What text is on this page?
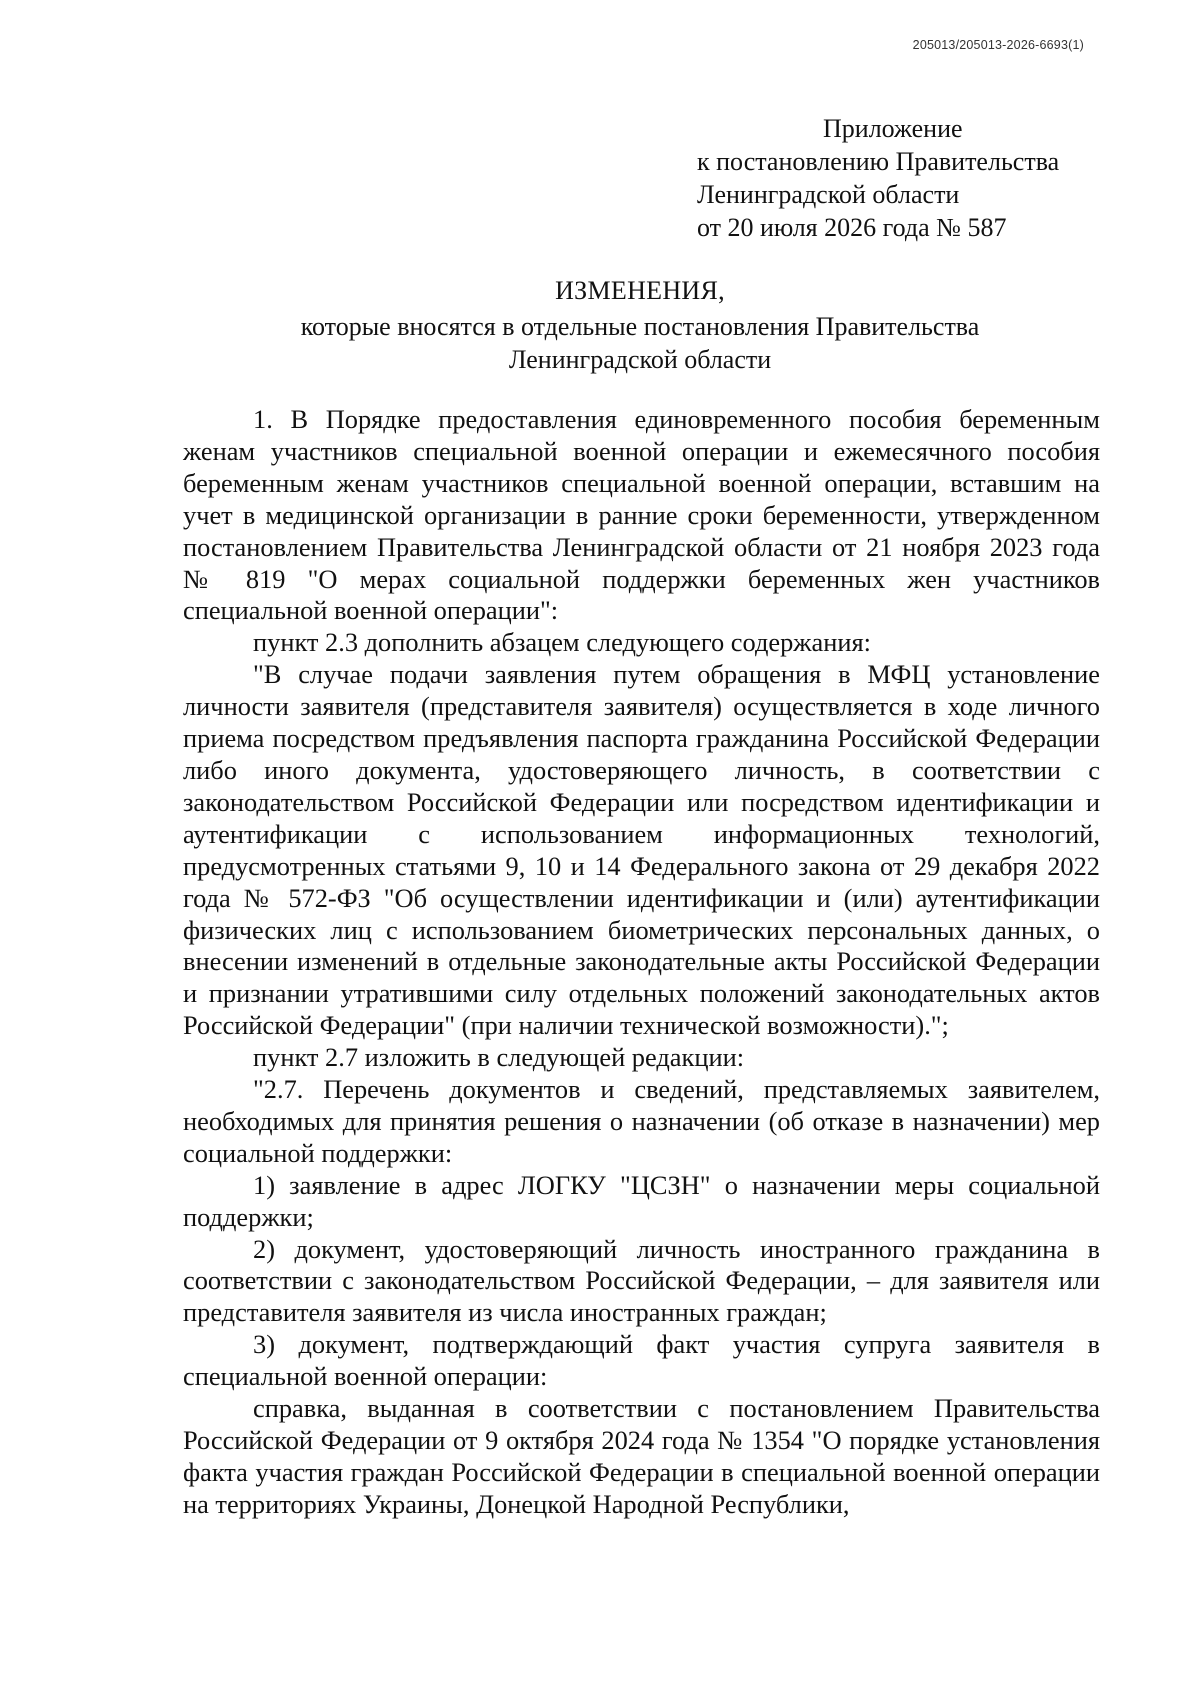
205013/205013-2026-6693(1)
Приложение
к постановлению Правительства
Ленинградской области
от 20 июля 2026 года № 587
ИЗМЕНЕНИЯ,
которые вносятся в отдельные постановления Правительства
Ленинградской области

1. В Порядке предоставления единовременного пособия беременным женам участников специальной военной операции и ежемесячного пособия беременным женам участников специальной военной операции, вставшим на учет в медицинской организации в ранние сроки беременности, утвержденном постановлением Правительства Ленинградской области от 21 ноября 2023 года № 819 "О мерах социальной поддержки беременных жен участников специальной военной операции":

пункт 2.3 дополнить абзацем следующего содержания:

"В случае подачи заявления путем обращения в МФЦ установление личности заявителя (представителя заявителя) осуществляется в ходе личного приема посредством предъявления паспорта гражданина Российской Федерации либо иного документа, удостоверяющего личность, в соответствии с законодательством Российской Федерации или посредством идентификации и аутентификации с использованием информационных технологий, предусмотренных статьями 9, 10 и 14 Федерального закона от 29 декабря 2022 года № 572-ФЗ "Об осуществлении идентификации и (или) аутентификации физических лиц с использованием биометрических персональных данных, о внесении изменений в отдельные законодательные акты Российской Федерации и признании утратившими силу отдельных положений законодательных актов Российской Федерации" (при наличии технической возможности).";

пункт 2.7 изложить в следующей редакции:

"2.7. Перечень документов и сведений, представляемых заявителем, необходимых для принятия решения о назначении (об отказе в назначении) мер социальной поддержки:

1) заявление в адрес ЛОГКУ "ЦСЗН" о назначении меры социальной поддержки;

2) документ, удостоверяющий личность иностранного гражданина в соответствии с законодательством Российской Федерации, – для заявителя или представителя заявителя из числа иностранных граждан;

3) документ, подтверждающий факт участия супруга заявителя в специальной военной операции:

справка, выданная в соответствии с постановлением Правительства Российской Федерации от 9 октября 2024 года № 1354 "О порядке установления факта участия граждан Российской Федерации в специальной военной операции на территориях Украины, Донецкой Народной Республики,
